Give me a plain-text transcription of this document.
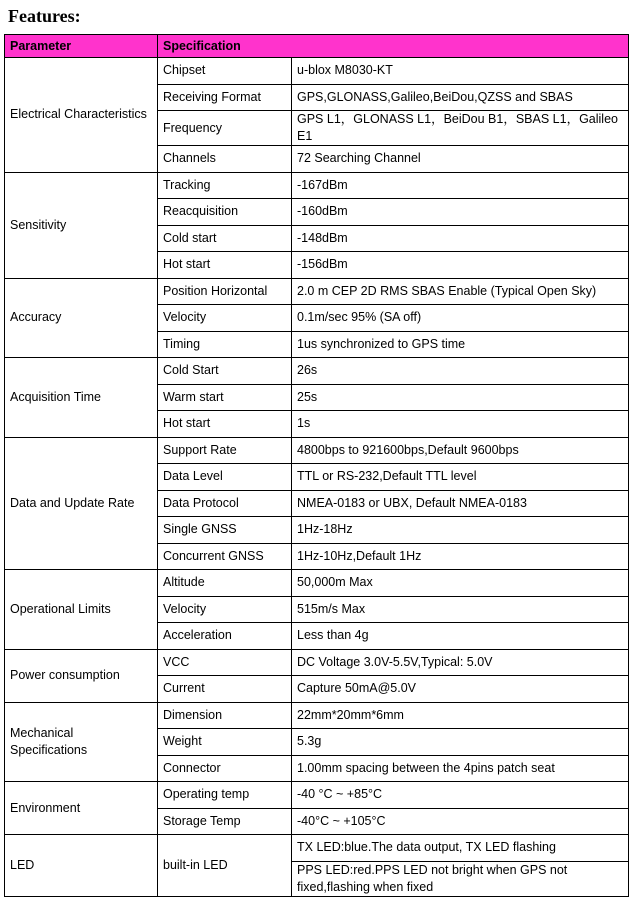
Features:
Parameter	Specification	
Electrical Characteristics	Chipset	u-blox M8030-KT
	Receiving Format	GPS,GLONASS,Galileo,BeiDou,QZSS and SBAS
	Frequency	GPS L1，GLONASS L1，BeiDou B1，SBAS L1，Galileo E1
	Channels	72 Searching Channel
Sensitivity	Tracking	-167dBm
	Reacquisition	-160dBm
	Cold start	-148dBm
	Hot start	-156dBm
Accuracy	Position Horizontal	2.0 m CEP 2D RMS SBAS Enable (Typical Open Sky)
	Velocity	0.1m/sec 95% (SA off)
	Timing	1us synchronized to GPS time
Acquisition Time	Cold Start	26s
	Warm start	25s
	Hot start	1s
Data and Update Rate	Support Rate	4800bps to 921600bps,Default 9600bps
	Data Level	TTL or RS-232,Default TTL level
	Data Protocol	NMEA-0183 or UBX, Default NMEA-0183
	Single GNSS	1Hz-18Hz
	Concurrent GNSS	1Hz-10Hz,Default 1Hz
Operational Limits	Altitude	50,000m Max
	Velocity	515m/s Max
	Acceleration	Less than 4g
Power consumption	VCC	DC Voltage 3.0V-5.5V,Typical: 5.0V
	Current	Capture 50mA@5.0V
Mechanical Specifications	Dimension	22mm*20mm*6mm
	Weight	5.3g
	Connector	1.00mm spacing between the 4pins patch seat
Environment	Operating temp	-40 °C ~ +85°C
	Storage Temp	-40°C ~ +105°C
LED	built-in LED	TX LED:blue.The data output, TX LED flashing
		PPS LED:red.PPS LED not bright when GPS not fixed,flashing when fixed
